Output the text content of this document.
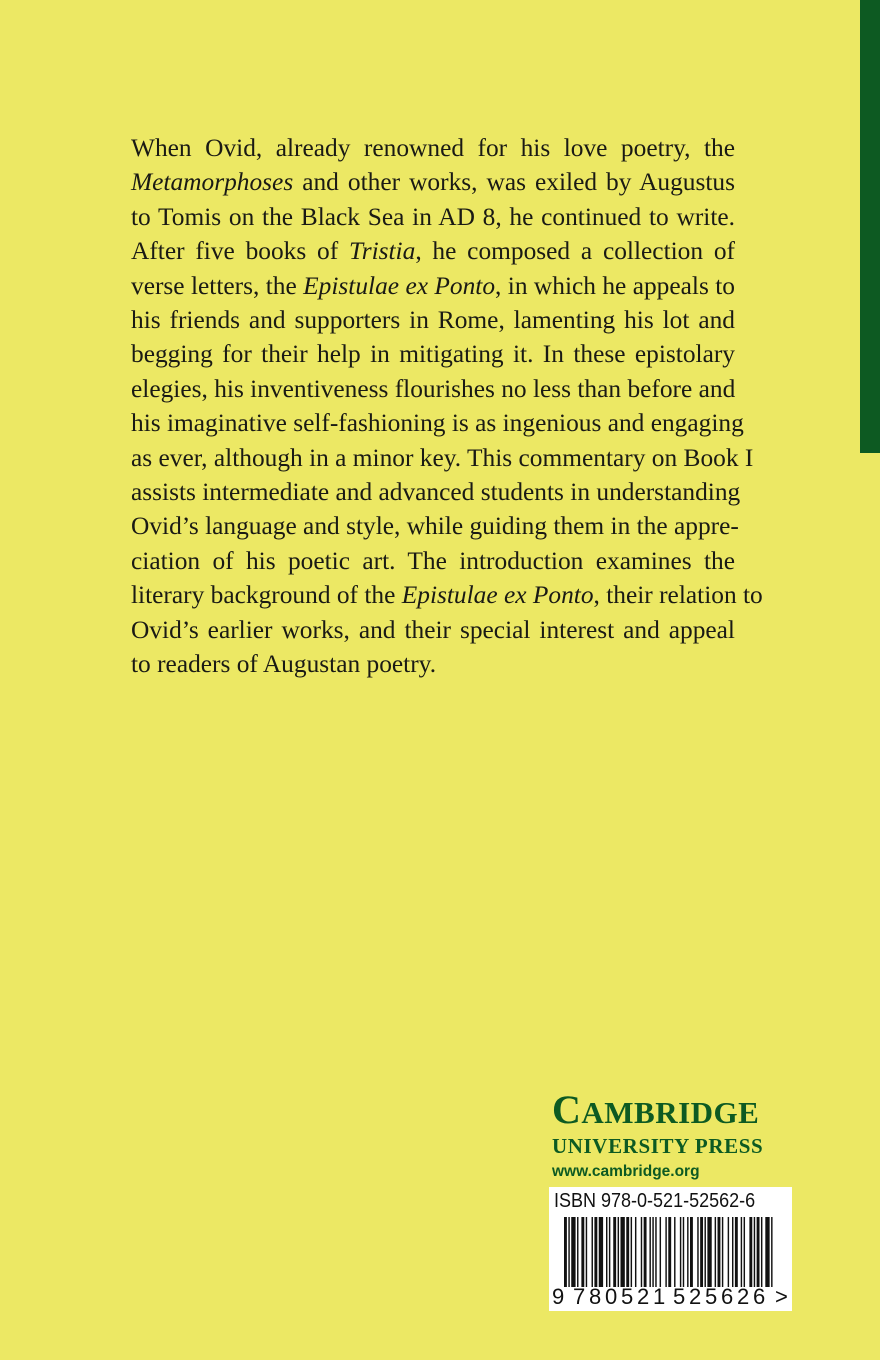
When Ovid, already renowned for his love poetry, the
Metamorphoses and other works, was exiled by Augustus
to Tomis on the Black Sea in AD 8, he continued to write.
After five books of Tristia , he composed a collection of
verse letters, the Epistulae ex Ponto , in which he appeals to
his friends and supporters in Rome, lamenting his lot and
begging for their help in mitigating it. In these epistolary
elegies, his inventiveness flourishes no less than before and
his imaginative self-fashioning is as ingenious and engaging
as ever, although in a minor key. This commentary on Book I
assists intermediate and advanced students in understanding
Ovid’s language and style, while guiding them in the appre-
ciation of his poetic art. The introduction examines the
literary background of the Epistulae ex Ponto , their relation to
Ovid’s earlier works, and their special interest and appeal
to readers of Augustan poetry.
CAMBRIDGE
UNIVERSITY PRESS
www.cambridge.org
ISBN 978-0-521-52562-6
9 7 8 0 5 2 1 5 2 5 6 2 6 >
